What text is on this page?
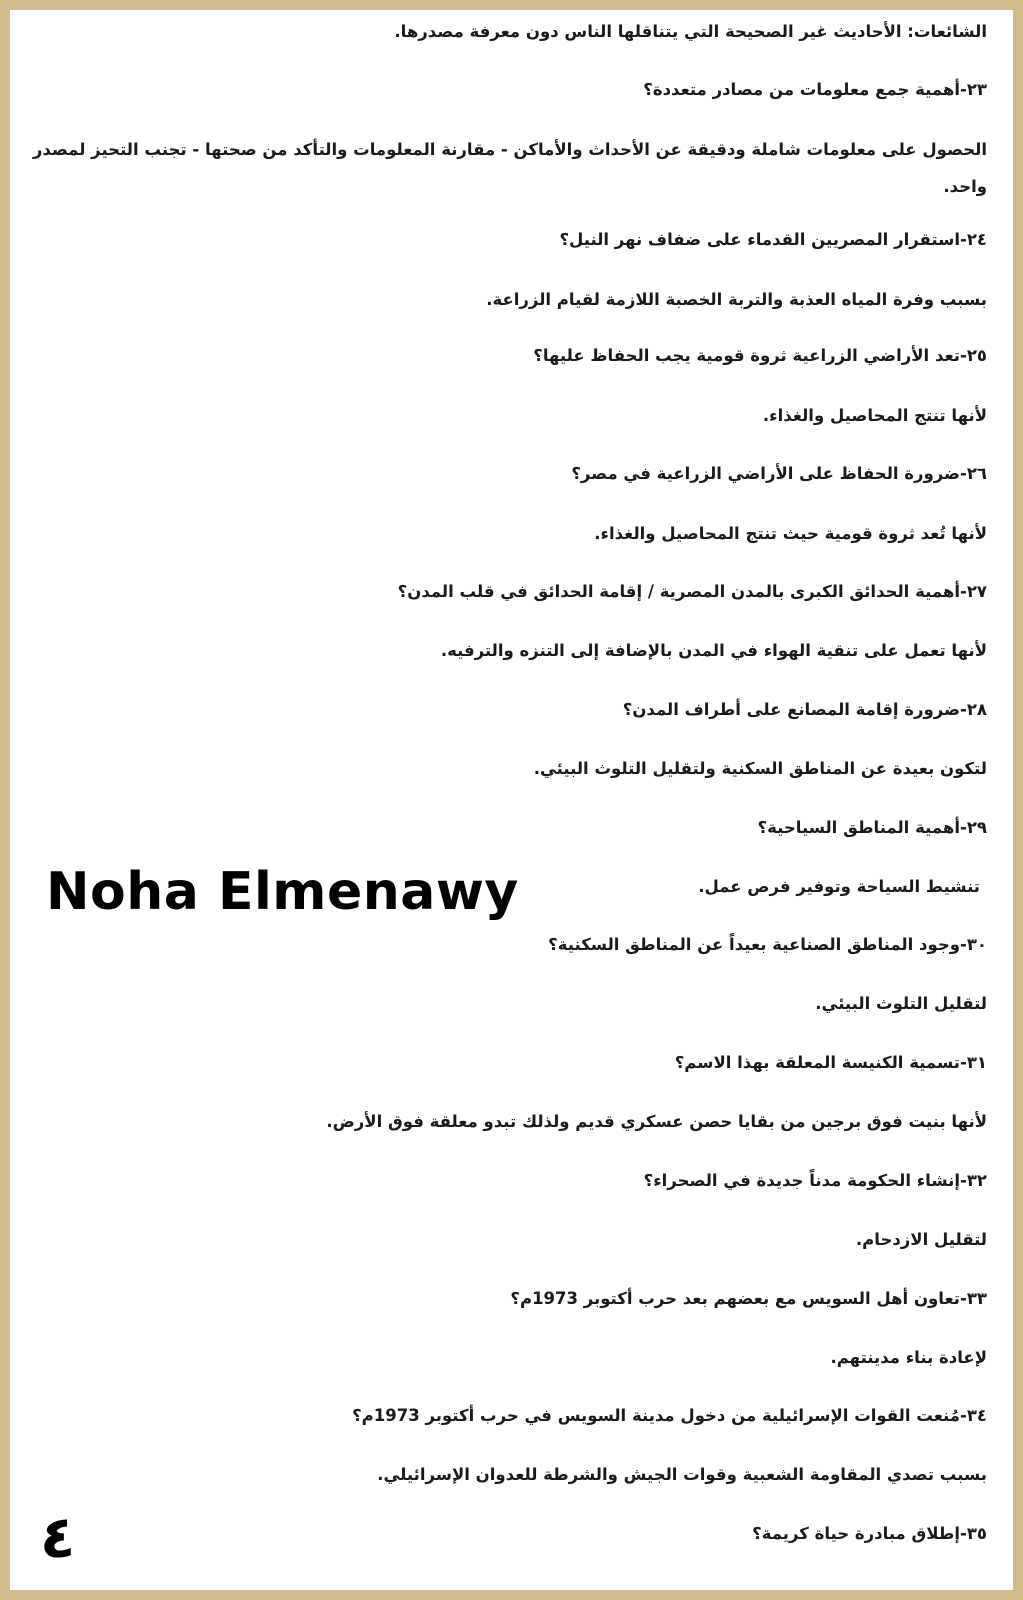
الشائعات: الأحاديث غير الصحيحة التي يتناقلها الناس دون معرفة مصدرها.
٢٣-أهمية جمع معلومات من مصادر متعددة؟
الحصول على معلومات شاملة ودقيقة عن الأحداث والأماكن - مقارنة المعلومات والتأكد من صحتها - تجنب التحيز لمصدر واحد.
٢٤-استقرار المصريين القدماء على ضفاف نهر النيل؟
بسبب وفرة المياه العذبة والتربة الخصبة اللازمة لقيام الزراعة.
٢٥-تعد الأراضي الزراعية ثروة قومية يجب الحفاظ عليها؟
لأنها تنتج المحاصيل والغذاء.
٢٦-ضرورة الحفاظ على الأراضي الزراعية في مصر؟
لأنها تُعد ثروة قومية حيث تنتج المحاصيل والغذاء.
٢٧-أهمية الحدائق الكبرى بالمدن المصرية / إقامة الحدائق في قلب المدن؟
لأنها تعمل على تنقية الهواء في المدن بالإضافة إلى التنزه والترفيه.
٢٨-ضرورة إقامة المصانع على أطراف المدن؟
لتكون بعيدة عن المناطق السكنية ولتقليل التلوث البيئي.
٢٩-أهمية المناطق السياحية؟
تنشيط السياحة وتوفير فرص عمل.
٣٠-وجود المناطق الصناعية بعيداً عن المناطق السكنية؟
لتقليل التلوث البيئي.
٣١-تسمية الكنيسة المعلقة بهذا الاسم؟
لأنها بنيت فوق برجين من بقايا حصن عسكري قديم ولذلك تبدو معلقة فوق الأرض.
٣٢-إنشاء الحكومة مدناً جديدة في الصحراء؟
لتقليل الازدحام.
٣٣-تعاون أهل السويس مع بعضهم بعد حرب أكتوبر 1973م؟
لإعادة بناء مدينتهم.
٣٤-مُنعت القوات الإسرائيلية من دخول مدينة السويس في حرب أكتوبر 1973م؟
بسبب تصدي المقاومة الشعبية وقوات الجيش والشرطة للعدوان الإسرائيلي.
٣٥-إطلاق مبادرة حياة كريمة؟
Noha Elmenawy
٤
